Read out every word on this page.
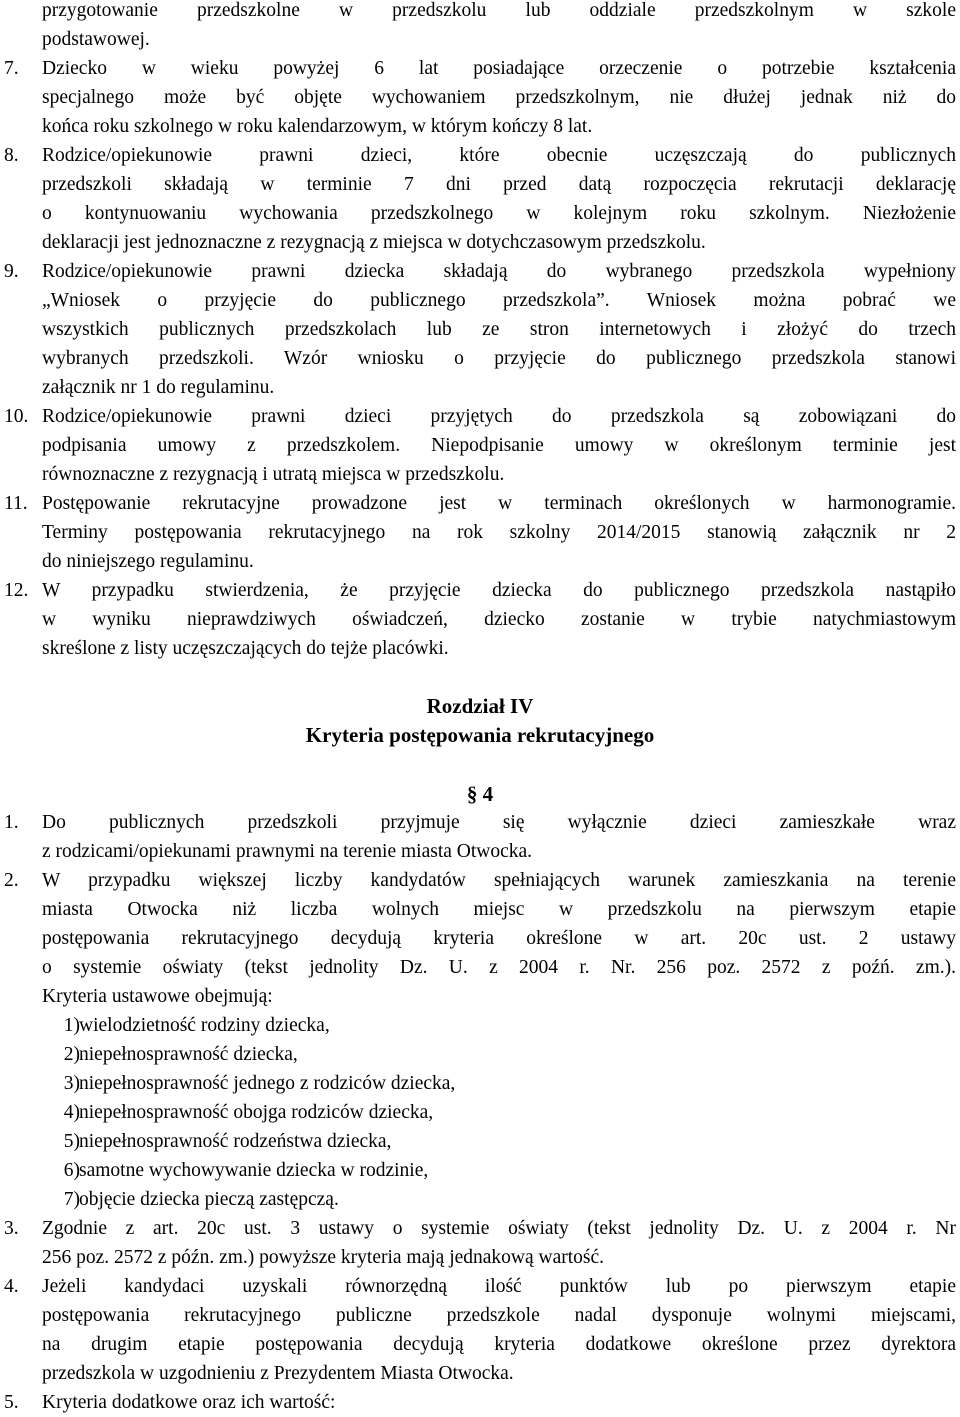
przygotowanie przedszkolne w przedszkolu lub oddziale przedszkolnym w szkole
podstawowej.
7.	Dziecko w wieku powyżej 6 lat posiadające orzeczenie o potrzebie kształcenia
specjalnego może być objęte wychowaniem przedszkolnym, nie dłużej jednak niż do
końca roku szkolnego w roku kalendarzowym, w którym kończy 8 lat.
8.	Rodzice/opiekunowie prawni dzieci, które obecnie uczęszczają do publicznych
przedszkoli składają w terminie 7 dni przed datą rozpoczęcia rekrutacji deklarację
o kontynuowaniu wychowania przedszkolnego w kolejnym roku szkolnym. Niezłożenie
deklaracji jest jednoznaczne z rezygnacją z miejsca w dotychczasowym przedszkolu.
9.	Rodzice/opiekunowie prawni dziecka składają do wybranego przedszkola wypełniony
„Wniosek o przyjęcie do publicznego przedszkola”. Wniosek można pobrać we
wszystkich publicznych przedszkolach lub ze stron internetowych i złożyć do trzech
wybranych przedszkoli. Wzór wniosku o przyjęcie do publicznego przedszkola stanowi
załącznik nr 1 do regulaminu.
10. Rodzice/opiekunowie prawni dzieci przyjętych do przedszkola są zobowiązani do
podpisania umowy z przedszkolem. Niepodpisanie umowy w określonym terminie jest
równoznaczne z rezygnacją i utratą miejsca w przedszkolu.
11. Postępowanie rekrutacyjne prowadzone jest w terminach określonych w harmonogramie.
Terminy postępowania rekrutacyjnego na rok szkolny 2014/2015 stanowią załącznik nr 2
do niniejszego regulaminu.
12. W przypadku stwierdzenia, że przyjęcie dziecka do publicznego przedszkola nastąpiło
w wyniku nieprawdziwych oświadczeń, dziecko zostanie w trybie natychmiastowym
skreślone z listy uczęszczających do tejże placówki.
Rozdział IV
Kryteria postępowania rekrutacyjnego
§ 4
1.	Do publicznych przedszkoli przyjmuje się wyłącznie dzieci zamieszkałe wraz
z rodzicami/opiekunami prawnymi na terenie miasta Otwocka.
2.	W przypadku większej liczby kandydatów spełniających warunek zamieszkania na terenie
miasta Otwocka niż liczba wolnych miejsc w przedszkolu na pierwszym etapie
postępowania rekrutacyjnego decydują kryteria określone w art. 20c ust. 2 ustawy
o systemie oświaty (tekst jednolity Dz. U. z 2004 r. Nr. 256 poz. 2572 z poźń. zm.).
Kryteria ustawowe obejmują:
1) wielodzietność rodziny dziecka,
2) niepełnosprawność dziecka,
3) niepełnosprawność jednego z rodziców dziecka,
4) niepełnosprawność obojga rodziców dziecka,
5) niepełnosprawność rodzeństwa dziecka,
6) samotne wychowywanie dziecka w rodzinie,
7) objęcie dziecka pieczą zastępczą.
3.	Zgodnie z art. 20c ust. 3 ustawy o systemie oświaty (tekst jednolity Dz. U. z 2004 r. Nr
256 poz. 2572 z późn. zm.) powyższe kryteria mają jednakową wartość.
4.	Jeżeli kandydaci uzyskali równorzędną ilość punktów lub po pierwszym etapie
postępowania rekrutacyjnego publiczne przedszkole nadal dysponuje wolnymi miejscami,
na drugim etapie postępowania decydują kryteria dodatkowe określone przez dyrektora
przedszkola w uzgodnieniu z Prezydentem Miasta Otwocka.
5.	Kryteria dodatkowe oraz ich wartość:
